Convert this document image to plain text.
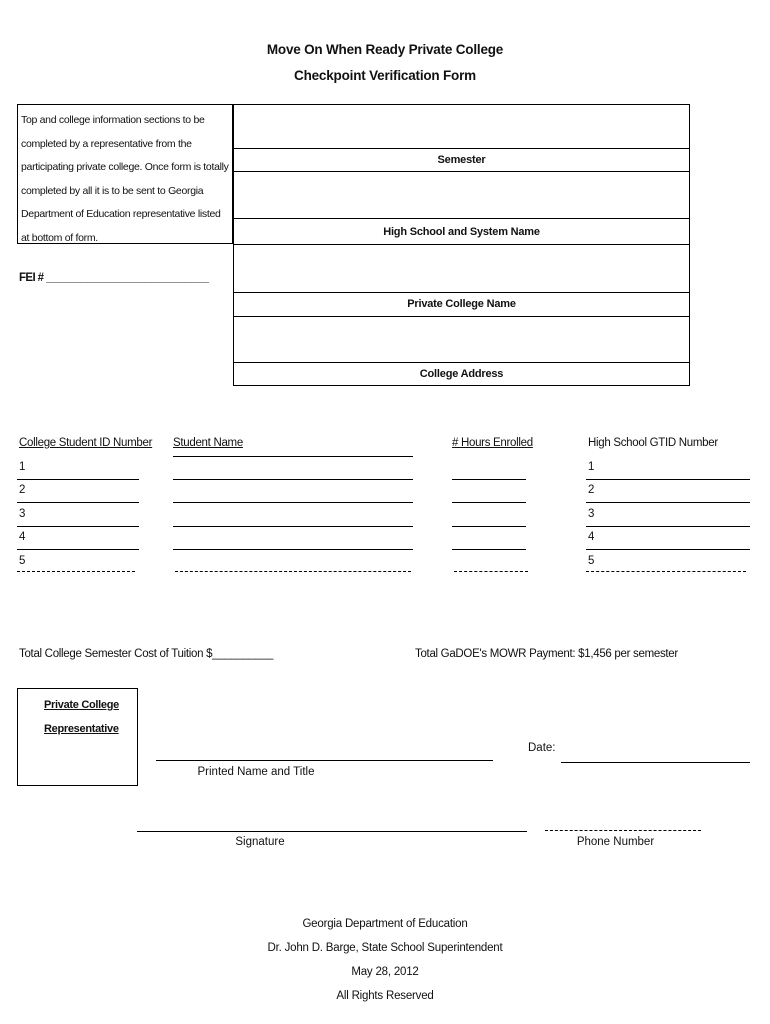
Move On When Ready Private College
Checkpoint Verification Form
Top and college information sections to be completed by a representative from the participating private college. Once form is totally completed by all it is to be sent to Georgia Department of Education representative listed at bottom of form.
Semester
High School and System Name
Private College Name
College Address
FEI # ____________________________
College Student ID Number Student Name	# Hours Enrolled	High School GTID Number
1	1
2	2
3	3
4	4
5	5
Total College Semester Cost of Tuition $__________	Total GaDOE's MOWR Payment: $1,456 per semester
Private College
Representative
Printed Name and Title
Date:
Signature	Phone Number
Georgia Department of Education
Dr. John D. Barge, State School Superintendent
May 28, 2012
All Rights Reserved
